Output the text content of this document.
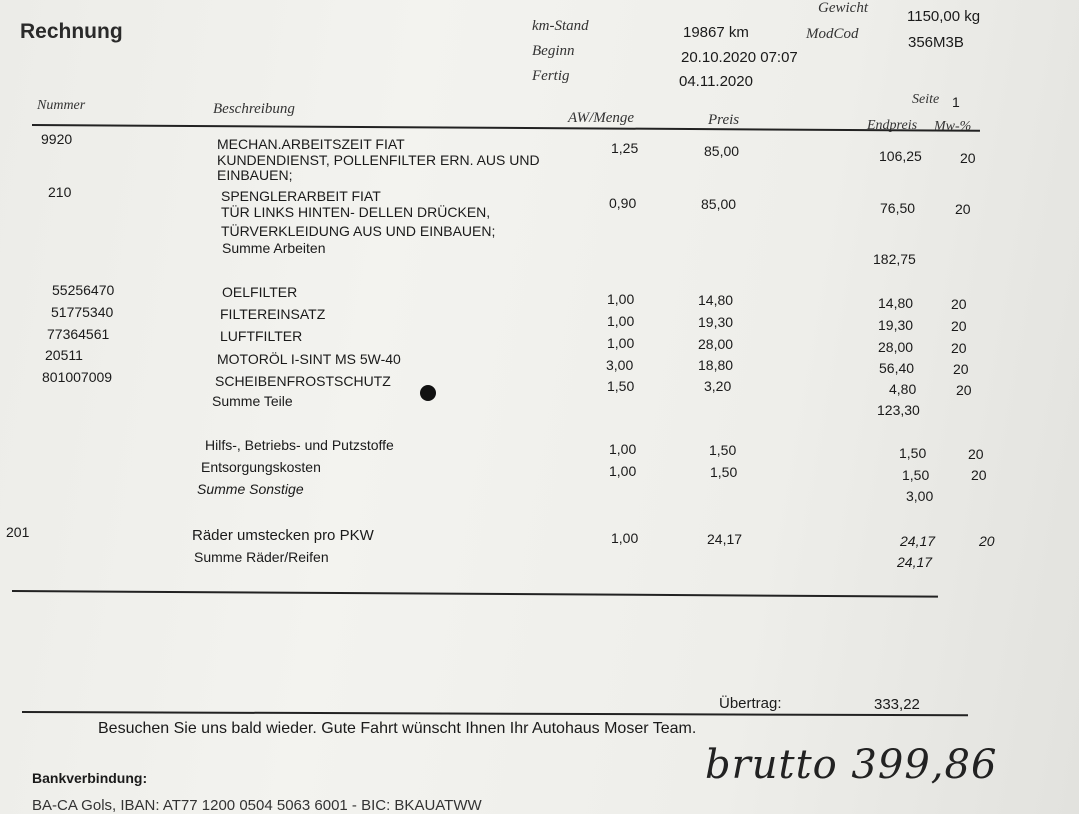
Rechnung	km-Stand	19867 km
Beginn	20.10.2020 07:07
Fertig	04.11.2020
Gewicht	1150,00 kg
ModCod	356M3B
Nummer	Beschreibung
AW/Menge	Preis
Seite 1
Endpreis Mw-%
9920	MECHAN.ARBEITSZEIT FIAT
KUNDENDIENST, POLLENFILTER ERN. AUS UND
EINBAUEN;
1,25	85,00	106,25	20
210	SPENGLERARBEIT FIAT
TÜR LINKS HINTEN- DELLEN DRÜCKEN,
TÜRVERKLEIDUNG AUS UND EINBAUEN;
0,90	85,00	76,50	20
Summe Arbeiten
182,75
55256470	OELFILTER	1,00	14,80	14,80	20
51775340	FILTEREINSATZ	1,00	19,30	19,30	20
77364561	LUFTFILTER	1,00	28,00	28,00	20
20511	MOTORÖL I-SINT MS 5W-40	3,00	18,80	56,40	20
801007009	SCHEIBENFROSTSCHUTZ	1,50	3,20	4,80	20
Summe Teile
123,30
Hilfs-, Betriebs- und Putzstoffe	1,00	1,50	1,50	20
Entsorgungskosten	1,00	1,50	1,50	20
Summe Sonstige	3,00
201	Räder umstecken pro PKW	1,00	24,17	24,17	20
Summe Räder/Reifen	24,17
Übertrag:	333,22
Besuchen Sie uns bald wieder. Gute Fahrt wünscht Ihnen Ihr Autohaus Moser Team.
Bankverbindung:
BA-CA Gols, IBAN: AT77 1200 0504 5063 6001 - BIC: BKAUATWW
brutto 399,86
